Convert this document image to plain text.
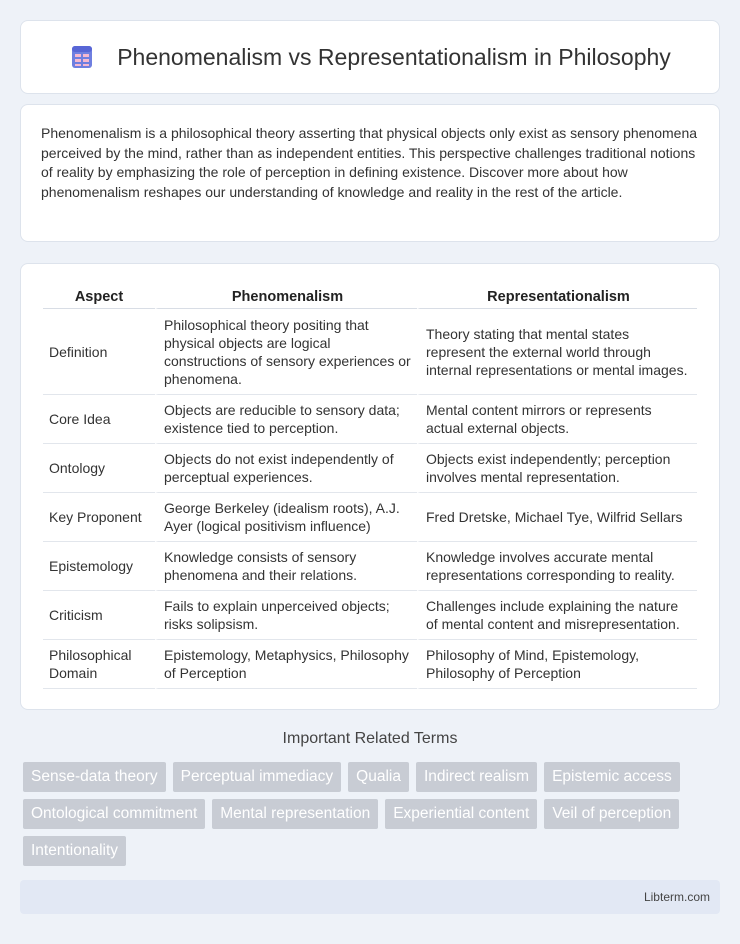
Phenomenalism vs Representationalism in Philosophy

Phenomenalism is a philosophical theory asserting that physical objects only exist as sensory phenomena perceived by the mind, rather than as independent entities. This perspective challenges traditional notions of reality by emphasizing the role of perception in defining existence. Discover more about how phenomenalism reshapes our understanding of knowledge and reality in the rest of the article.

Aspect	Phenomenalism	Representationalism
Definition	Philosophical theory positing that physical objects are logical constructions of sensory experiences or phenomena.	Theory stating that mental states represent the external world through internal representations or mental images.
Core Idea	Objects are reducible to sensory data; existence tied to perception.	Mental content mirrors or represents actual external objects.
Ontology	Objects do not exist independently of perceptual experiences.	Objects exist independently; perception involves mental representation.
Key Proponent	George Berkeley (idealism roots), A.J. Ayer (logical positivism influence)	Fred Dretske, Michael Tye, Wilfrid Sellars
Epistemology	Knowledge consists of sensory phenomena and their relations.	Knowledge involves accurate mental representations corresponding to reality.
Criticism	Fails to explain unperceived objects; risks solipsism.	Challenges include explaining the nature of mental content and misrepresentation.
Philosophical Domain	Epistemology, Metaphysics, Philosophy of Perception	Philosophy of Mind, Epistemology, Philosophy of Perception
Important Related Terms
Sense-data theory	Perceptual immediacy	Qualia	Indirect realism	Epistemic access
Ontological commitment	Mental representation	Experiential content	Veil of perception
Intentionality
Libterm.com
